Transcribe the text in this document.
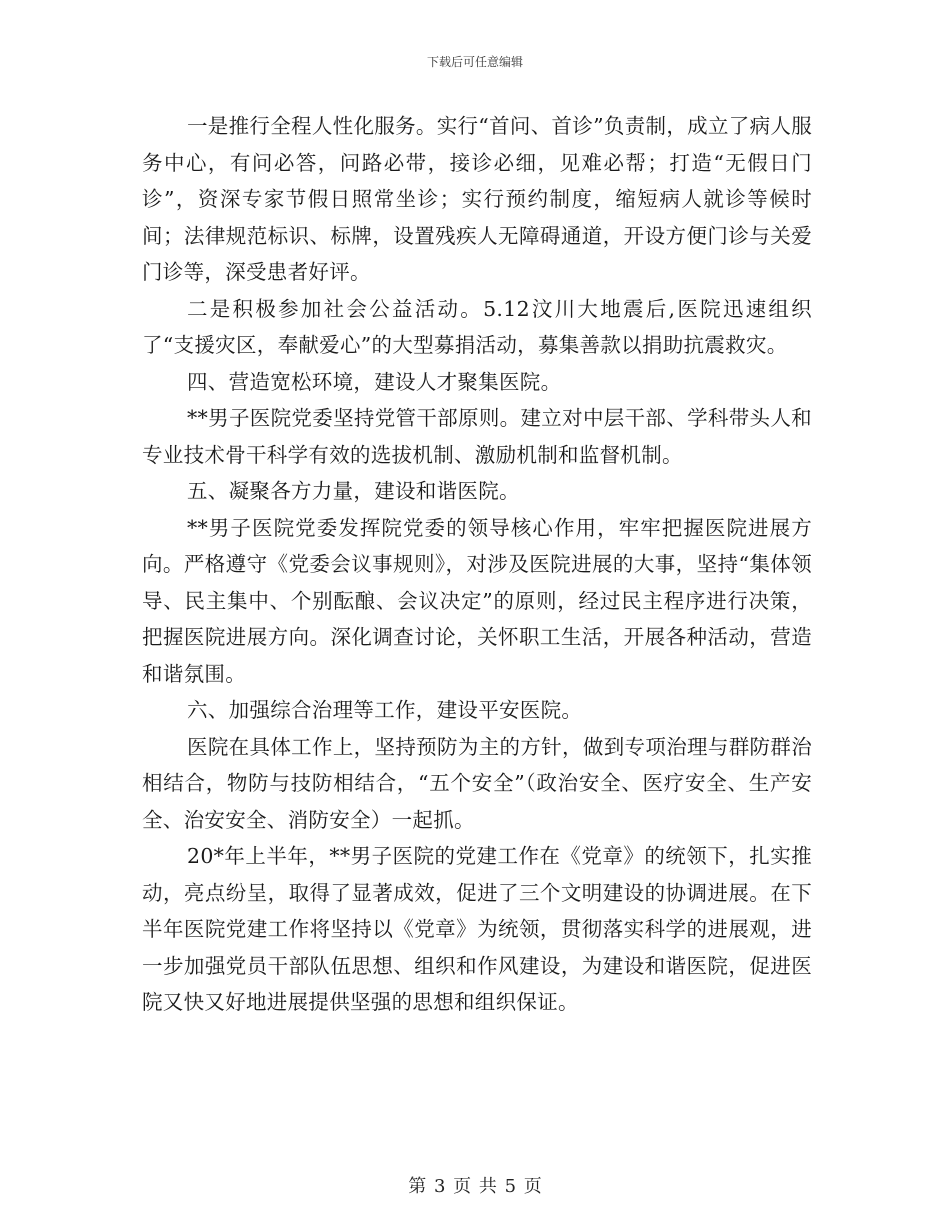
下载后可任意编辑

一是推行全程人性化服务。实行“首问、首诊”负责制，成立了病人服务中心，有问必答，问路必带，接诊必细，见难必帮；打造“无假日门诊”，资深专家节假日照常坐诊；实行预约制度，缩短病人就诊等候时间；法律规范标识、标牌，设置残疾人无障碍通道，开设方便门诊与关爱门诊等，深受患者好评。

二是积极参加社会公益活动。5.12汶川大地震后,医院迅速组织了“支援灾区，奉献爱心”的大型募捐活动，募集善款以捐助抗震救灾。

四、营造宽松环境，建设人才聚集医院。

**男子医院党委坚持党管干部原则。建立对中层干部、学科带头人和专业技术骨干科学有效的选拔机制、激励机制和监督机制。

五、凝聚各方力量，建设和谐医院。

**男子医院党委发挥院党委的领导核心作用，牢牢把握医院进展方向。严格遵守《党委会议事规则》，对涉及医院进展的大事，坚持“集体领导、民主集中、个别酝酿、会议决定”的原则，经过民主程序进行决策，把握医院进展方向。深化调查讨论，关怀职工生活，开展各种活动，营造和谐氛围。

六、加强综合治理等工作，建设平安医院。

医院在具体工作上，坚持预防为主的方针，做到专项治理与群防群治相结合，物防与技防相结合，“五个安全”（政治安全、医疗安全、生产安全、治安安全、消防安全）一起抓。

20*年上半年，**男子医院的党建工作在《党章》的统领下，扎实推动，亮点纷呈，取得了显著成效，促进了三个文明建设的协调进展。在下半年医院党建工作将坚持以《党章》为统领，贯彻落实科学的进展观，进一步加强党员干部队伍思想、组织和作风建设，为建设和谐医院，促进医院又快又好地进展提供坚强的思想和组织保证。

第 3 页 共 5 页
